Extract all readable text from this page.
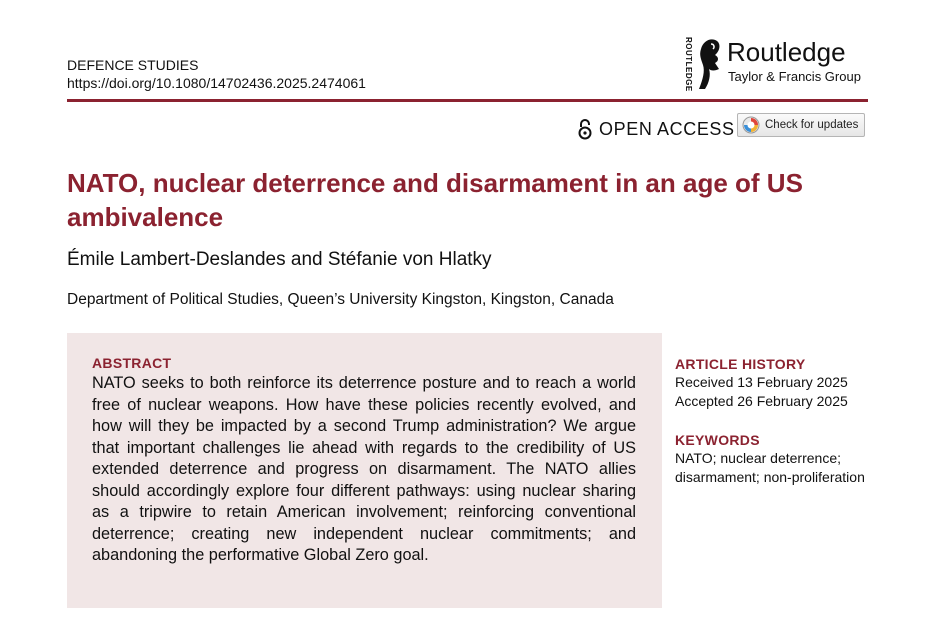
DEFENCE STUDIES
https://doi.org/10.1080/14702436.2025.2474061	ROUTLEDGE Routledge
Taylor & Francis Group
OPEN ACCESS	Check for updates
NATO, nuclear deterrence and disarmament in an age of US ambivalence
Émile Lambert-Deslandes and Stéfanie von Hlatky
Department of Political Studies, Queen’s University Kingston, Kingston, Canada
ABSTRACT
NATO seeks to both reinforce its deterrence posture and to reach a world free of nuclear weapons. How have these policies recently evolved, and how will they be impacted by a second Trump administration? We argue that important challenges lie ahead with regards to the credibility of US extended deterrence and progress on disarmament. The NATO allies should accordingly explore four different pathways: using nuclear sharing as a tripwire to retain American involvement; reinforcing conventional deterrence; creating new independent nuclear commitments; and abandoning the performative Global Zero goal.
ARTICLE HISTORY
Received 13 February 2025
Accepted 26 February 2025
KEYWORDS
NATO; nuclear deterrence; disarmament; non-proliferation
